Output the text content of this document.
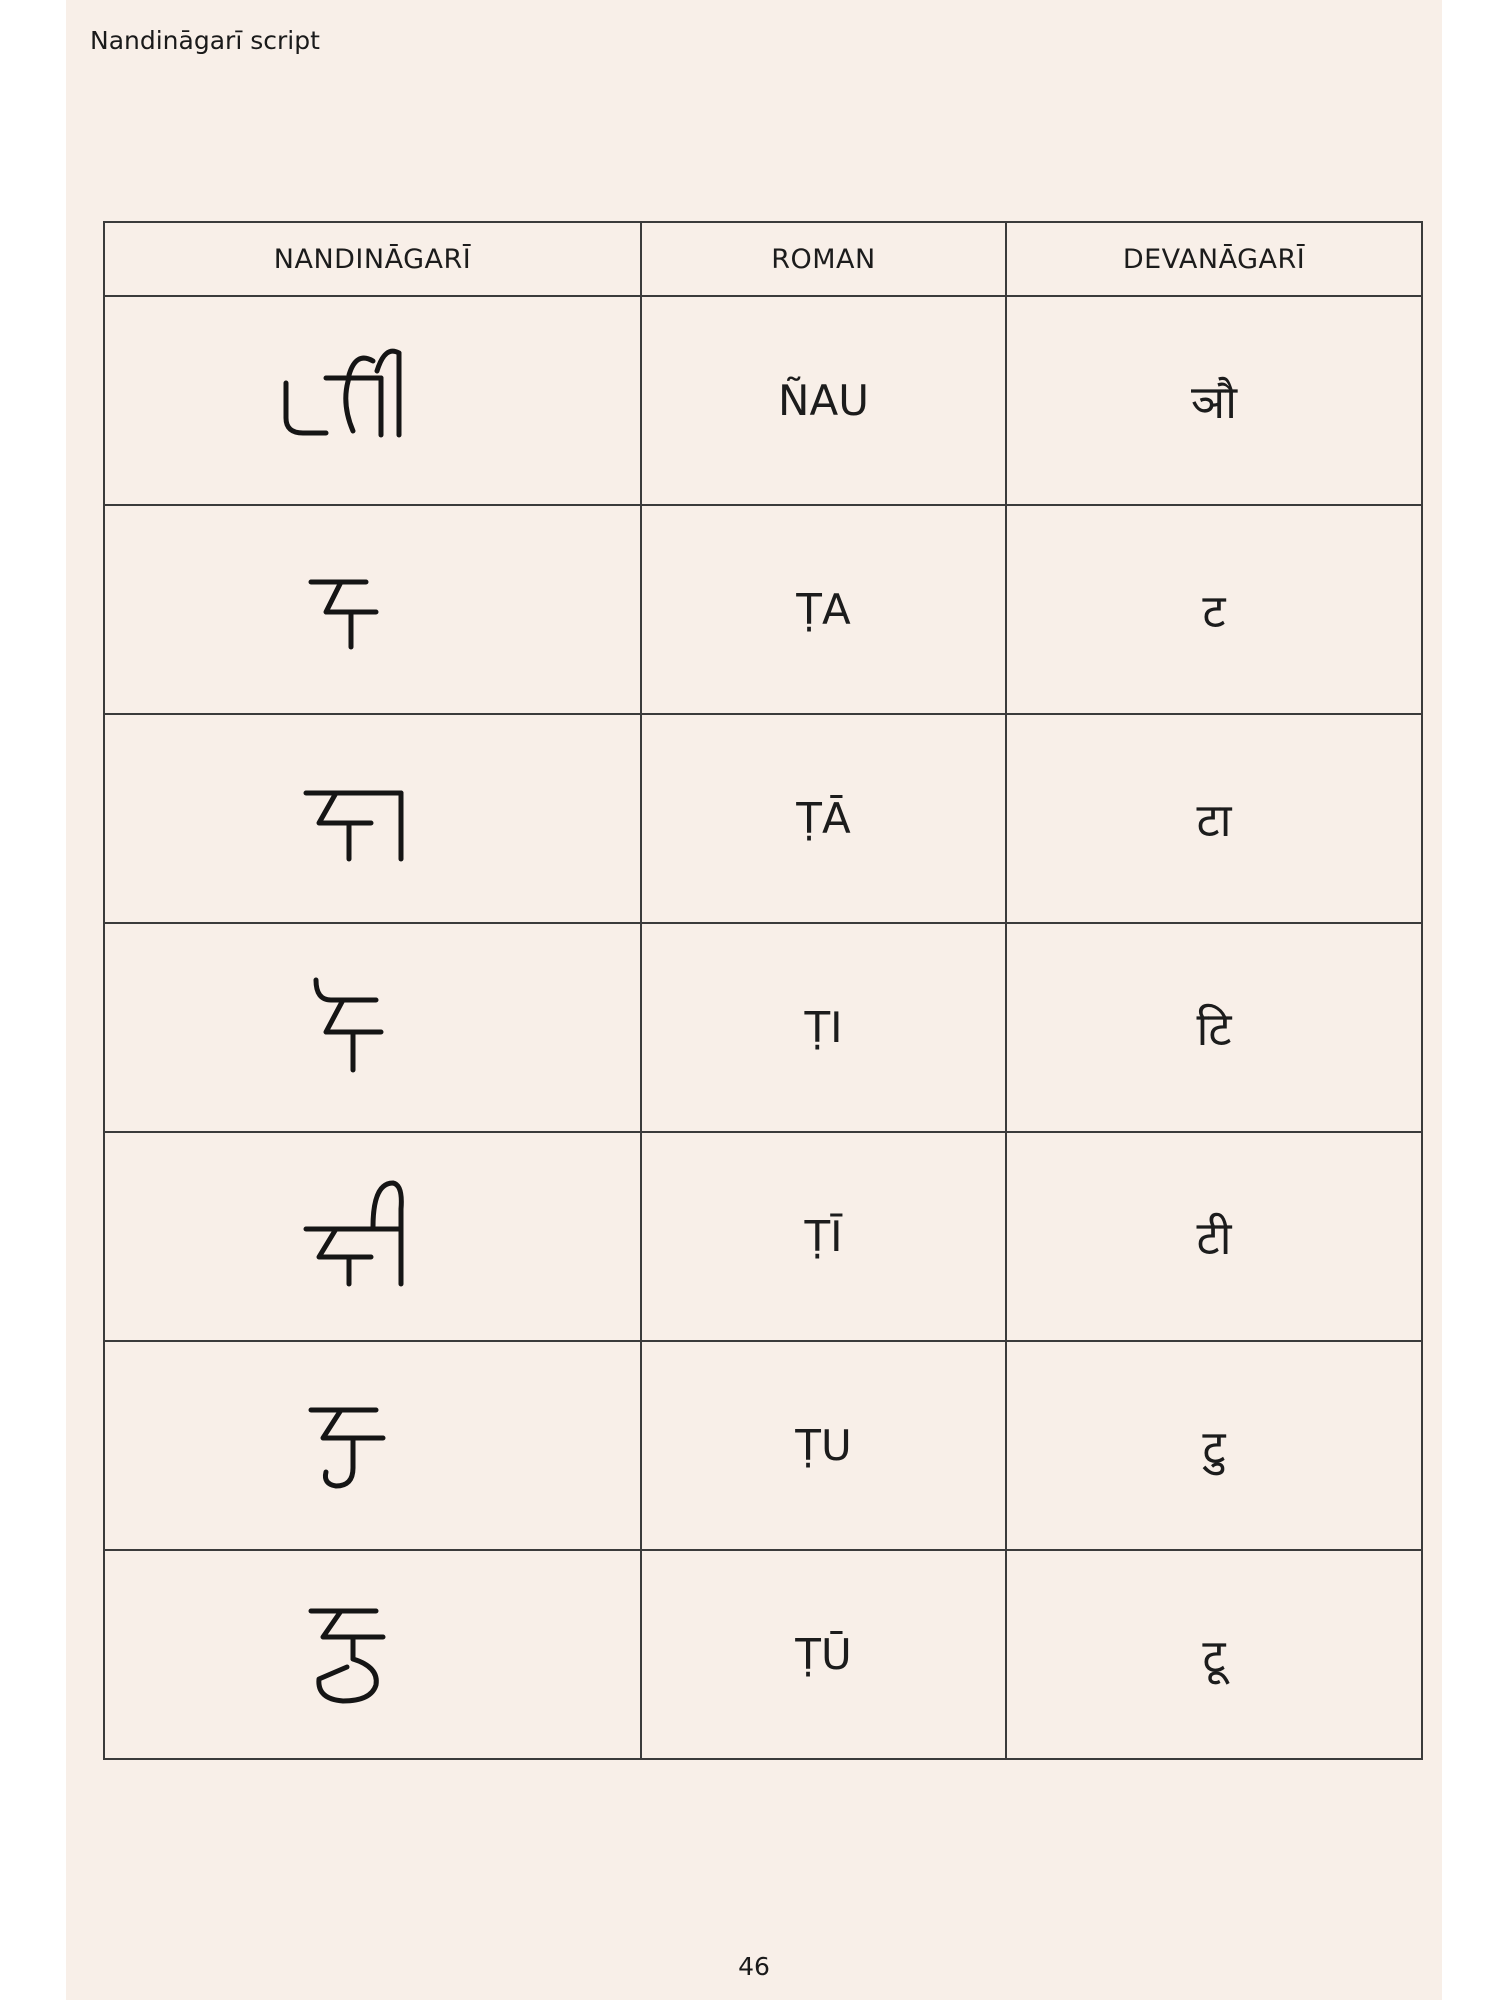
Nandināgarī script
NANDINĀGARĪ	ROMAN	DEVANĀGARĪ
	ÑAU	ञौ
	ṬA	ट
	ṬĀ	टा
	ṬI	टि
	ṬĪ	टी
	ṬU	टु
	ṬŪ	टू
46
